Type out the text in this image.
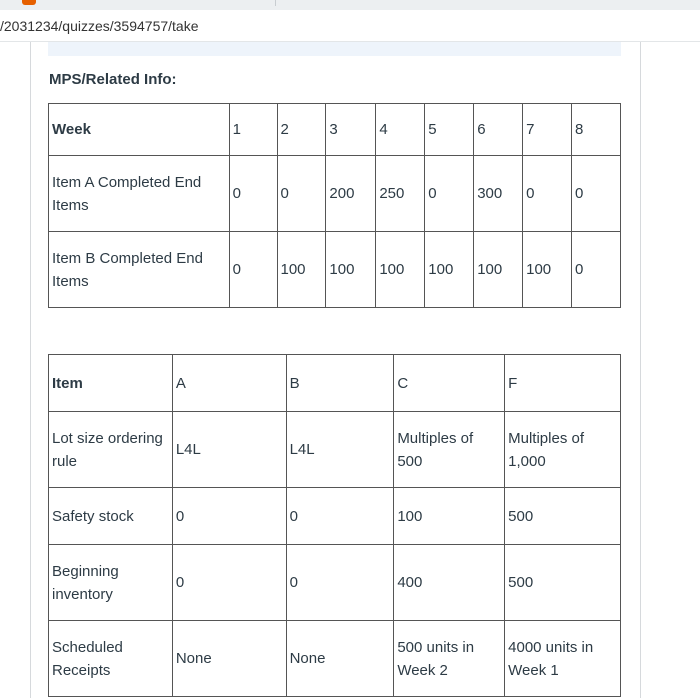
/2031234/quizzes/3594757/take
MPS/Related Info:
Week	1	2	3	4	5	6	7	8
Item A Completed End Items	0	0	200	250	0	300	0	0
Item B Completed End Items	0	100	100	100	100	100	100	0
Item	A	B	C	F
Lot size ordering rule	L4L	L4L	Multiples of 500	Multiples of 1,000
Safety stock	0	0	100	500
Beginning inventory	0	0	400	500
Scheduled Receipts	None	None	500 units in Week 2	4000 units in Week 1
